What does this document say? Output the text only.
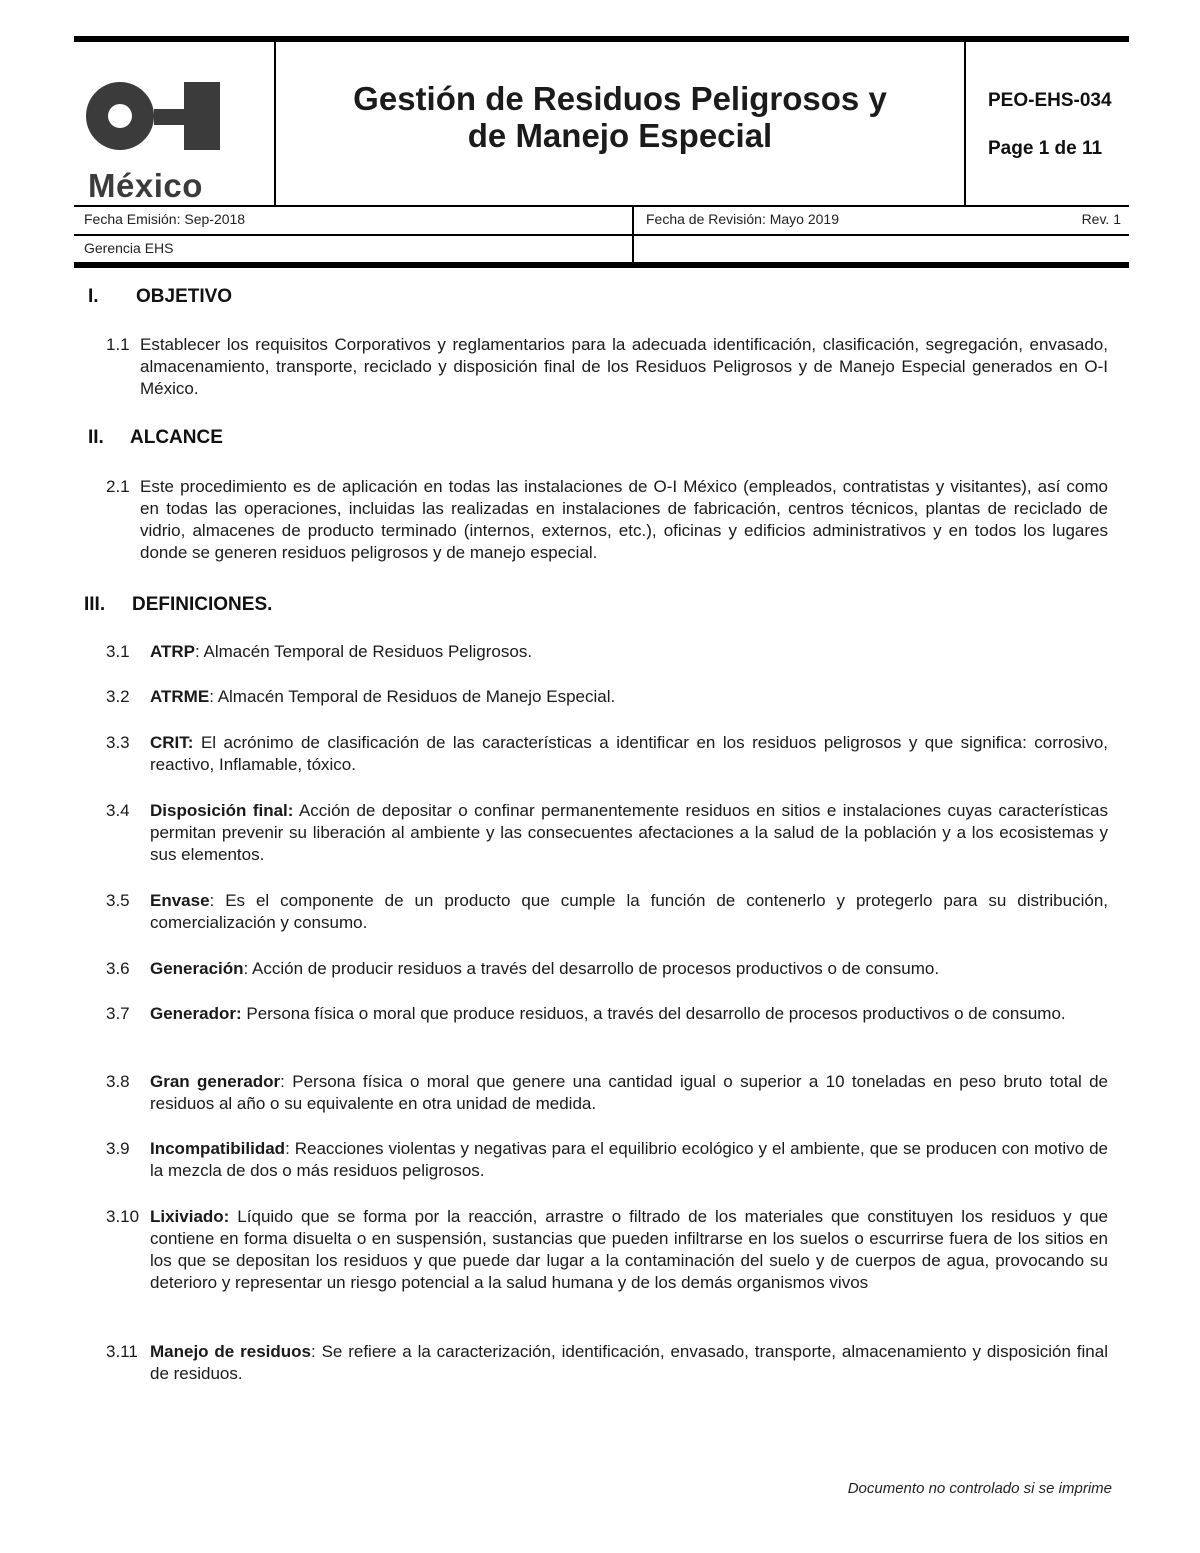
México
Gestión de Residuos Peligrosos y
de Manejo Especial
PEO-EHS-034
Page 1 de 11
Fecha Emisión: Sep-2018	Fecha de Revisión: Mayo 2019	Rev. 1
Gerencia EHS
I. OBJETIVO
1.1 Establecer los requisitos Corporativos y reglamentarios para la adecuada identificación, clasificación, segregación, envasado, almacenamiento, transporte, reciclado y disposición final de los Residuos Peligrosos y de Manejo Especial generados en O-I México.
II. ALCANCE
2.1 Este procedimiento es de aplicación en todas las instalaciones de O-I México (empleados, contratistas y visitantes), así como en todas las operaciones, incluidas las realizadas en instalaciones de fabricación, centros técnicos, plantas de reciclado de vidrio, almacenes de producto terminado (internos, externos, etc.), oficinas y edificios administrativos y en todos los lugares donde se generen residuos peligrosos y de manejo especial.
III. DEFINICIONES.
3.1 ATRP: Almacén Temporal de Residuos Peligrosos.
3.2 ATRME: Almacén Temporal de Residuos de Manejo Especial.
3.3 CRIT: El acrónimo de clasificación de las características a identificar en los residuos peligrosos y que significa: corrosivo, reactivo, Inflamable, tóxico.
3.4 Disposición final: Acción de depositar o confinar permanentemente residuos en sitios e instalaciones cuyas características permitan prevenir su liberación al ambiente y las consecuentes afectaciones a la salud de la población y a los ecosistemas y sus elementos.
3.5 Envase: Es el componente de un producto que cumple la función de contenerlo y protegerlo para su distribución, comercialización y consumo.
3.6 Generación: Acción de producir residuos a través del desarrollo de procesos productivos o de consumo.
3.7 Generador: Persona física o moral que produce residuos, a través del desarrollo de procesos productivos o de consumo.
3.8 Gran generador: Persona física o moral que genere una cantidad igual o superior a 10 toneladas en peso bruto total de residuos al año o su equivalente en otra unidad de medida.
3.9 Incompatibilidad: Reacciones violentas y negativas para el equilibrio ecológico y el ambiente, que se producen con motivo de la mezcla de dos o más residuos peligrosos.
3.10 Lixiviado: Líquido que se forma por la reacción, arrastre o filtrado de los materiales que constituyen los residuos y que contiene en forma disuelta o en suspensión, sustancias que pueden infiltrarse en los suelos o escurrirse fuera de los sitios en los que se depositan los residuos y que puede dar lugar a la contaminación del suelo y de cuerpos de agua, provocando su deterioro y representar un riesgo potencial a la salud humana y de los demás organismos vivos
3.11 Manejo de residuos: Se refiere a la caracterización, identificación, envasado, transporte, almacenamiento y disposición final de residuos.
Documento no controlado si se imprime
